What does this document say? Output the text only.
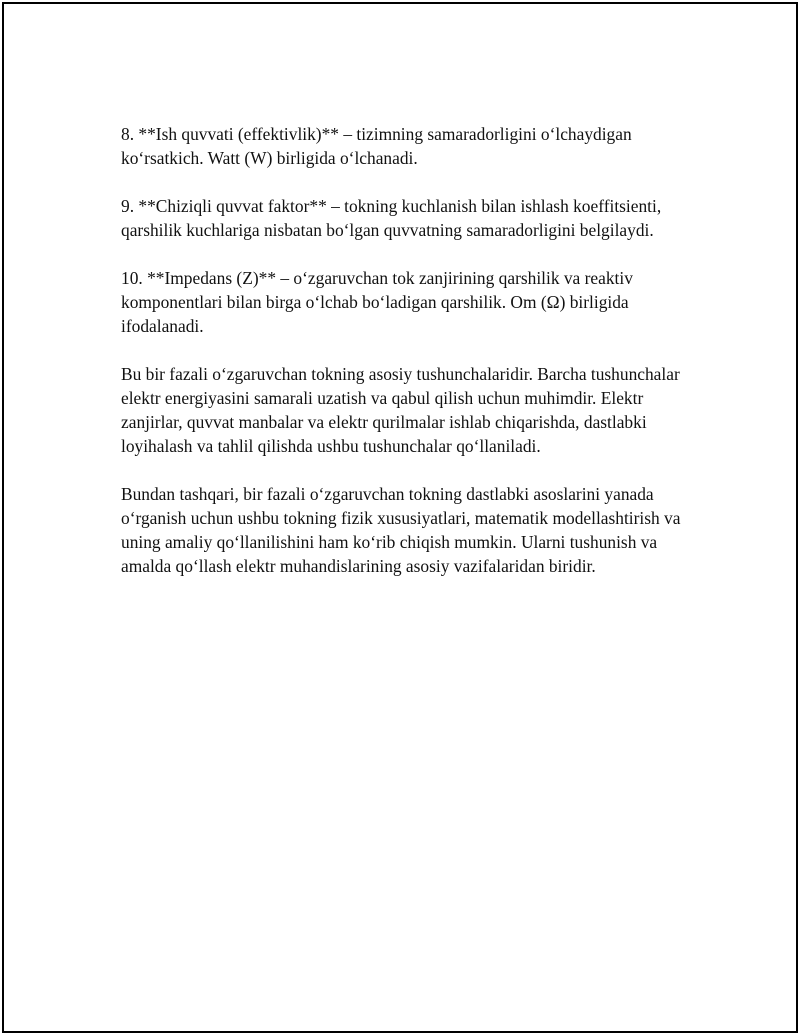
8. **Ish quvvati (effektivlik)** – tizimning samaradorligini o‘lchaydigan ko‘rsatkich. Watt (W) birligida o‘lchanadi.

9. **Chiziqli quvvat faktor** – tokning kuchlanish bilan ishlash koeffitsienti, qarshilik kuchlariga nisbatan bo‘lgan quvvatning samaradorligini belgilaydi.

10. **Impedans (Z)** – o‘zgaruvchan tok zanjirining qarshilik va reaktiv komponentlari bilan birga o‘lchab bo‘ladigan qarshilik. Om (Ω) birligida ifodalanadi.

Bu bir fazali o‘zgaruvchan tokning asosiy tushunchalaridir. Barcha tushunchalar elektr energiyasini samarali uzatish va qabul qilish uchun muhimdir. Elektr zanjirlar, quvvat manbalar va elektr qurilmalar ishlab chiqarishda, dastlabki loyihalash va tahlil qilishda ushbu tushunchalar qo‘llaniladi.

Bundan tashqari, bir fazali o‘zgaruvchan tokning dastlabki asoslarini yanada o‘rganish uchun ushbu tokning fizik xususiyatlari, matematik modellashtirish va uning amaliy qo‘llanilishini ham ko‘rib chiqish mumkin. Ularni tushunish va amalda qo‘llash elektr muhandislarining asosiy vazifalaridan biridir.
